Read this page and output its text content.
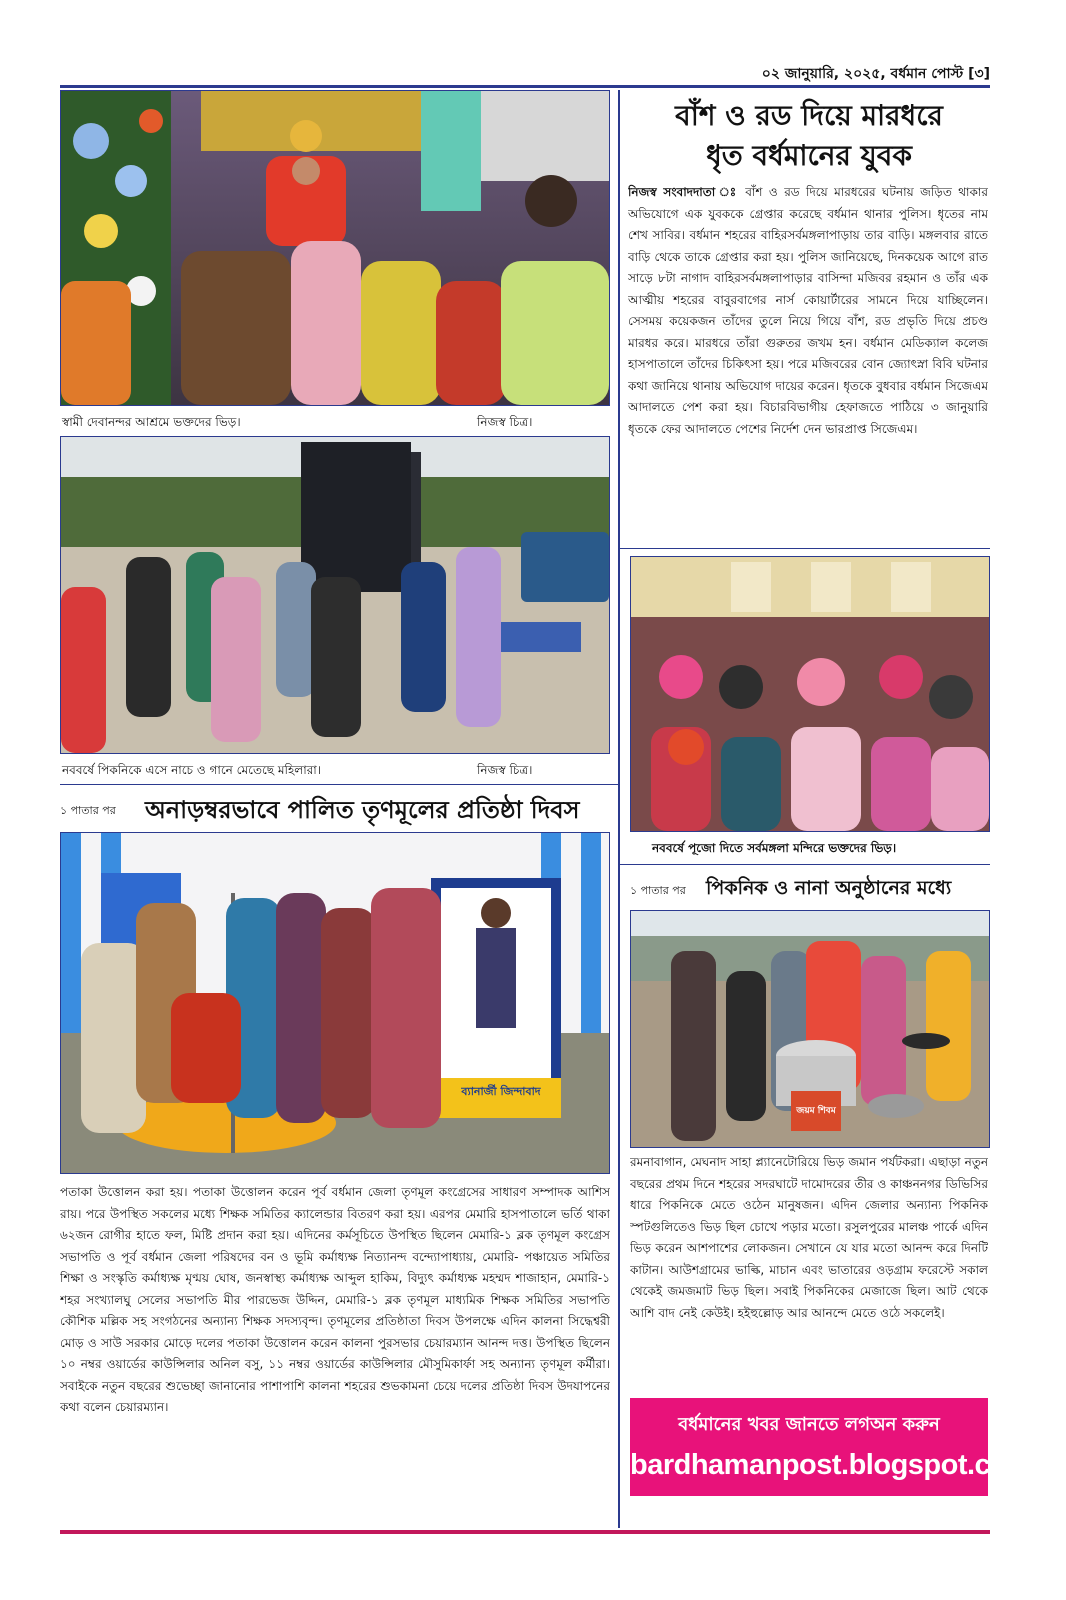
০২ জানুয়ারি, ২০২৫, বর্ধমান পোস্ট [৩]
স্বামী দেবানন্দর আশ্রমে ভক্তদের ভিড়।	নিজস্ব চিত্র।
নববর্ষে পিকনিকে এসে নাচে ও গানে মেতেছে মহিলারা।	নিজস্ব চিত্র।
১ পাতার পর অনাড়ম্বরভাবে পালিত তৃণমূলের প্রতিষ্ঠা দিবস
ব্যানার্জী জিন্দাবাদ
পতাকা উত্তোলন করা হয়। পতাকা উত্তোলন করেন পূর্ব বর্ধমান জেলা তৃণমূল কংগ্রেসের সাধারণ সম্পাদক আশিস রায়। পরে উপস্থিত সকলের মধ্যে শিক্ষক সমিতির ক্যালেন্ডার বিতরণ করা হয়। এরপর মেমারি হাসপাতালে ভর্তি থাকা ৬২জন রোগীর হাতে ফল, মিষ্টি প্রদান করা হয়। এদিনের কর্মসূচিতে উপস্থিত ছিলেন মেমারি-১ ব্লক তৃণমূল কংগ্রেস সভাপতি ও পূর্ব বর্ধমান জেলা পরিষদের বন ও ভূমি কর্মাধ্যক্ষ নিত্যানন্দ বন্দ্যোপাধ্যায়, মেমারি- পঞ্চায়েত সমিতির শিক্ষা ও সংস্কৃতি কর্মাধ্যক্ষ মৃণ্ময় ঘোষ, জনস্বাস্থ্য কর্মাধ্যক্ষ আব্দুল হাকিম, বিদ্যুৎ কর্মাধ্যক্ষ মহম্মদ শাজাহান, মেমারি-১ শহর সংখ্যালঘু সেলের সভাপতি মীর পারভেজ উদ্দিন, মেমারি-১ ব্লক তৃণমূল মাধ্যমিক শিক্ষক সমিতির সভাপতি কৌশিক মল্লিক সহ সংগঠনের অন্যান্য শিক্ষক সদস্যবৃন্দ। তৃণমূলের প্রতিষ্ঠাতা দিবস উপলক্ষে এদিন কালনা সিদ্ধেশ্বরী মোড় ও সাউ সরকার মোড়ে দলের পতাকা উত্তোলন করেন কালনা পুরসভার চেয়ারম্যান আনন্দ দত্ত। উপস্থিত ছিলেন ১০ নম্বর ওয়ার্ডের কাউন্সিলার অনিল বসু, ১১ নম্বর ওয়ার্ডের কাউন্সিলার মৌসুমিকার্ফা সহ অন্যান্য তৃণমূল কর্মীরা। সবাইকে নতুন বছরের শুভেচ্ছা জানানোর পাশাপাশি কালনা শহরের শুভকামনা চেয়ে দলের প্রতিষ্ঠা দিবস উদযাপনের কথা বলেন চেয়ারম্যান।
বাঁশ ও রড দিয়ে মারধরে
ধৃত বর্ধমানের যুবক
নিজস্ব সংবাদদাতা ঃ বাঁশ ও রড দিয়ে মারধরের ঘটনায় জড়িত থাকার অভিযোগে এক যুবককে গ্রেপ্তার করেছে বর্ধমান থানার পুলিস। ধৃতের নাম শেখ সাবির। বর্ধমান শহরের বাহিরসর্বমঙ্গলাপাড়ায় তার বাড়ি। মঙ্গলবার রাতে বাড়ি থেকে তাকে গ্রেপ্তার করা হয়। পুলিস জানিয়েছে, দিনকয়েক আগে রাত সাড়ে ৮টা নাগাদ বাহিরসর্বমঙ্গলাপাড়ার বাসিন্দা মজিবর রহমান ও তাঁর এক আত্মীয় শহরের বাবুরবাগের নার্স কোয়ার্টারের সামনে দিয়ে যাচ্ছিলেন। সেসময় কয়েকজন তাঁদের তুলে নিয়ে গিয়ে বাঁশ, রড প্রভৃতি দিয়ে প্রচণ্ড মারধর করে। মারধরে তাঁরা গুরুতর জখম হন। বর্ধমান মেডিক্যাল কলেজ হাসপাতালে তাঁদের চিকিৎসা হয়। পরে মজিবরের বোন জ্যোৎস্না বিবি ঘটনার কথা জানিয়ে থানায় অভিযোগ দায়ের করেন। ধৃতকে বুধবার বর্ধমান সিজেএম আদালতে পেশ করা হয়। বিচারবিভাগীয় হেফাজতে পাঠিয়ে ৩ জানুয়ারি ধৃতকে ফের আদালতে পেশের নির্দেশ দেন ভারপ্রাপ্ত সিজেএম।
নববর্ষে পূজো দিতে সর্বমঙ্গলা মন্দিরে ভক্তদের ভিড়।
১ পাতার পর পিকনিক ও নানা অনুষ্ঠানের মধ্যে
জয়ম শিবম
রমনাবাগান, মেঘনাদ সাহা প্ল্যানেটোরিয়ে ভিড় জমান পর্যটকরা। এছাড়া নতুন বছরের প্রথম দিনে শহরের সদরঘাটে দামোদরের তীর ও কাঞ্চননগর ডিভিসির ধারে পিকনিকে মেতে ওঠেন মানুষজন। এদিন জেলার অন্যান্য পিকনিক স্পটগুলিতেও ভিড় ছিল চোখে পড়ার মতো। রসুলপুরের মালঞ্চ পার্কে এদিন ভিড় করেন আশপাশের লোকজন। সেখানে যে যার মতো আনন্দ করে দিনটি কাটান। আউশগ্রামের ভাল্কি, মাচান এবং ভাতারের ওড়গ্রাম ফরেস্টে সকাল থেকেই জমজমাট ভিড় ছিল। সবাই পিকনিকের মেজাজে ছিল। আট থেকে আশি বাদ নেই কেউই। হইহুল্লোড় আর আনন্দে মেতে ওঠে সকলেই।
বর্ধমানের খবর জানতে লগঅন করুন
bardhamanpost.blogspot.com
